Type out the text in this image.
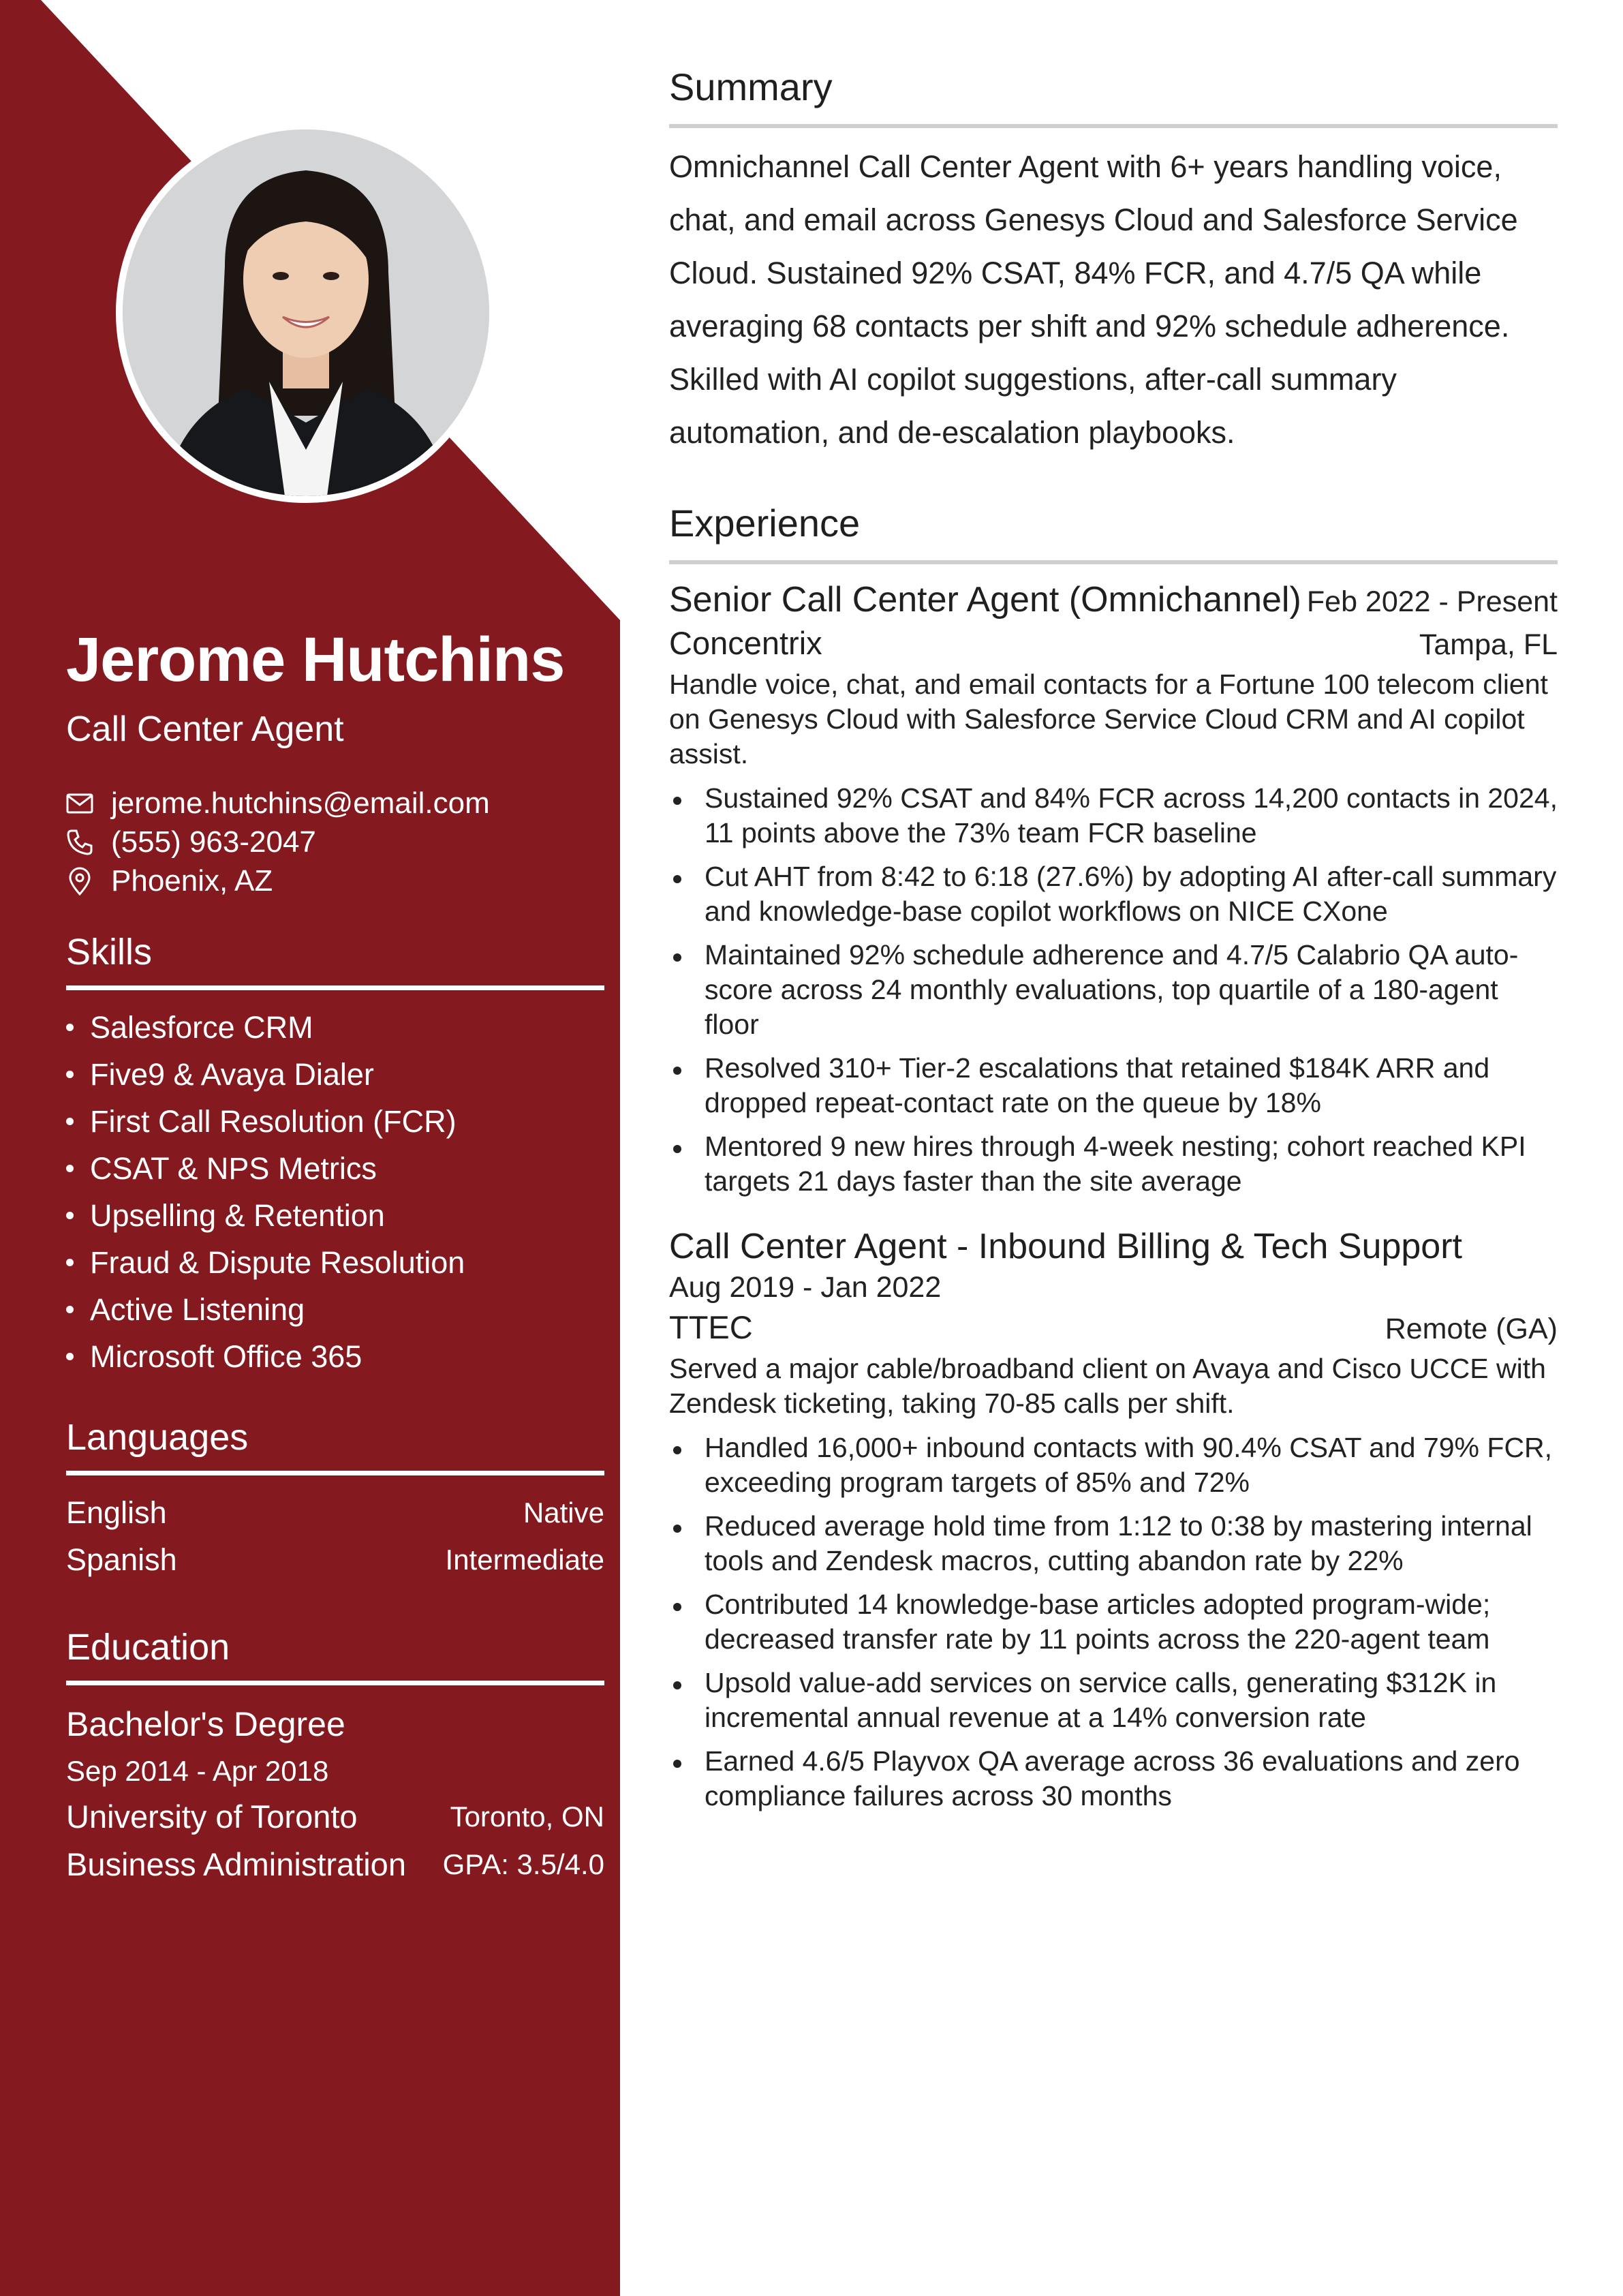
Jerome Hutchins
Call Center Agent
jerome.hutchins@email.com
(555) 963-2047
Phoenix, AZ
Skills
Salesforce CRM
Five9 & Avaya Dialer
First Call Resolution (FCR)
CSAT & NPS Metrics
Upselling & Retention
Fraud & Dispute Resolution
Active Listening
Microsoft Office 365
Languages
English	Native
Spanish	Intermediate
Education
Bachelor's Degree
Sep 2014 - Apr 2018
University of Toronto	Toronto, ON
Business Administration GPA: 3.5/4.0
Summary
Omnichannel Call Center Agent with 6+ years handling voice, chat, and email across Genesys Cloud and Salesforce Service Cloud. Sustained 92% CSAT, 84% FCR, and 4.7/5 QA while averaging 68 contacts per shift and 92% schedule adherence. Skilled with AI copilot suggestions, after-call summary automation, and de-escalation playbooks.
Experience
Senior Call Center Agent (Omnichannel) Feb 2022 - Present
Concentrix	Tampa, FL
Handle voice, chat, and email contacts for a Fortune 100 telecom client on Genesys Cloud with Salesforce Service Cloud CRM and AI copilot assist.
Sustained 92% CSAT and 84% FCR across 14,200 contacts in 2024, 11 points above the 73% team FCR baseline
Cut AHT from 8:42 to 6:18 (27.6%) by adopting AI after-call summary and knowledge-base copilot workflows on NICE CXone
Maintained 92% schedule adherence and 4.7/5 Calabrio QA auto-score across 24 monthly evaluations, top quartile of a 180-agent floor
Resolved 310+ Tier-2 escalations that retained $184K ARR and dropped repeat-contact rate on the queue by 18%
Mentored 9 new hires through 4-week nesting; cohort reached KPI targets 21 days faster than the site average
Call Center Agent - Inbound Billing & Tech Support
Aug 2019 - Jan 2022
TTEC	Remote (GA)
Served a major cable/broadband client on Avaya and Cisco UCCE with Zendesk ticketing, taking 70-85 calls per shift.
Handled 16,000+ inbound contacts with 90.4% CSAT and 79% FCR, exceeding program targets of 85% and 72%
Reduced average hold time from 1:12 to 0:38 by mastering internal tools and Zendesk macros, cutting abandon rate by 22%
Contributed 14 knowledge-base articles adopted program-wide; decreased transfer rate by 11 points across the 220-agent team
Upsold value-add services on service calls, generating $312K in incremental annual revenue at a 14% conversion rate
Earned 4.6/5 Playvox QA average across 36 evaluations and zero compliance failures across 30 months
